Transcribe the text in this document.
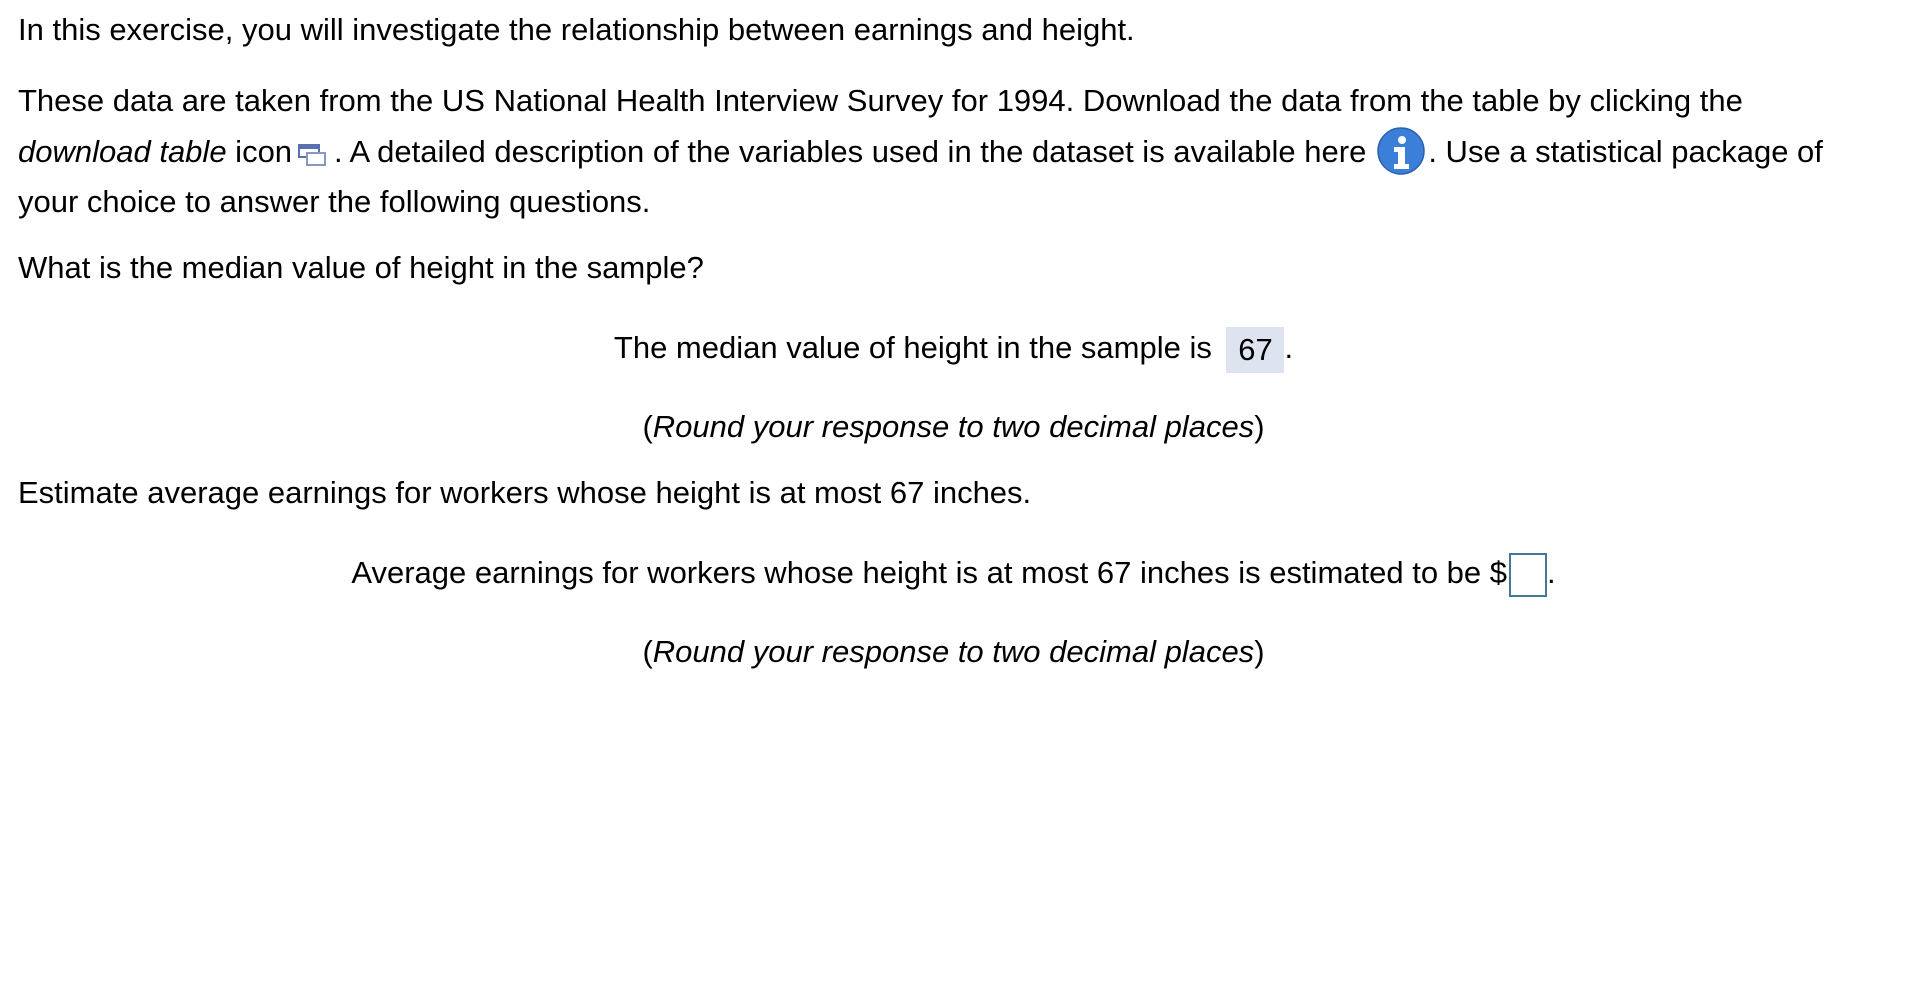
In this exercise, you will investigate the relationship between earnings and height.

These data are taken from the US National Health Interview Survey for 1994. Download the data from the table by clicking the
download table icon . A detailed description of the variables used in the dataset is available here . Use a statistical package of your choice to answer the following questions.

What is the median value of height in the sample?

The median value of height in the sample is 67 .
(Round your response to two decimal places)

Estimate average earnings for workers whose height is at most 67 inches.

Average earnings for workers whose height is at most 67 inches is estimated to be $ .
(Round your response to two decimal places)
